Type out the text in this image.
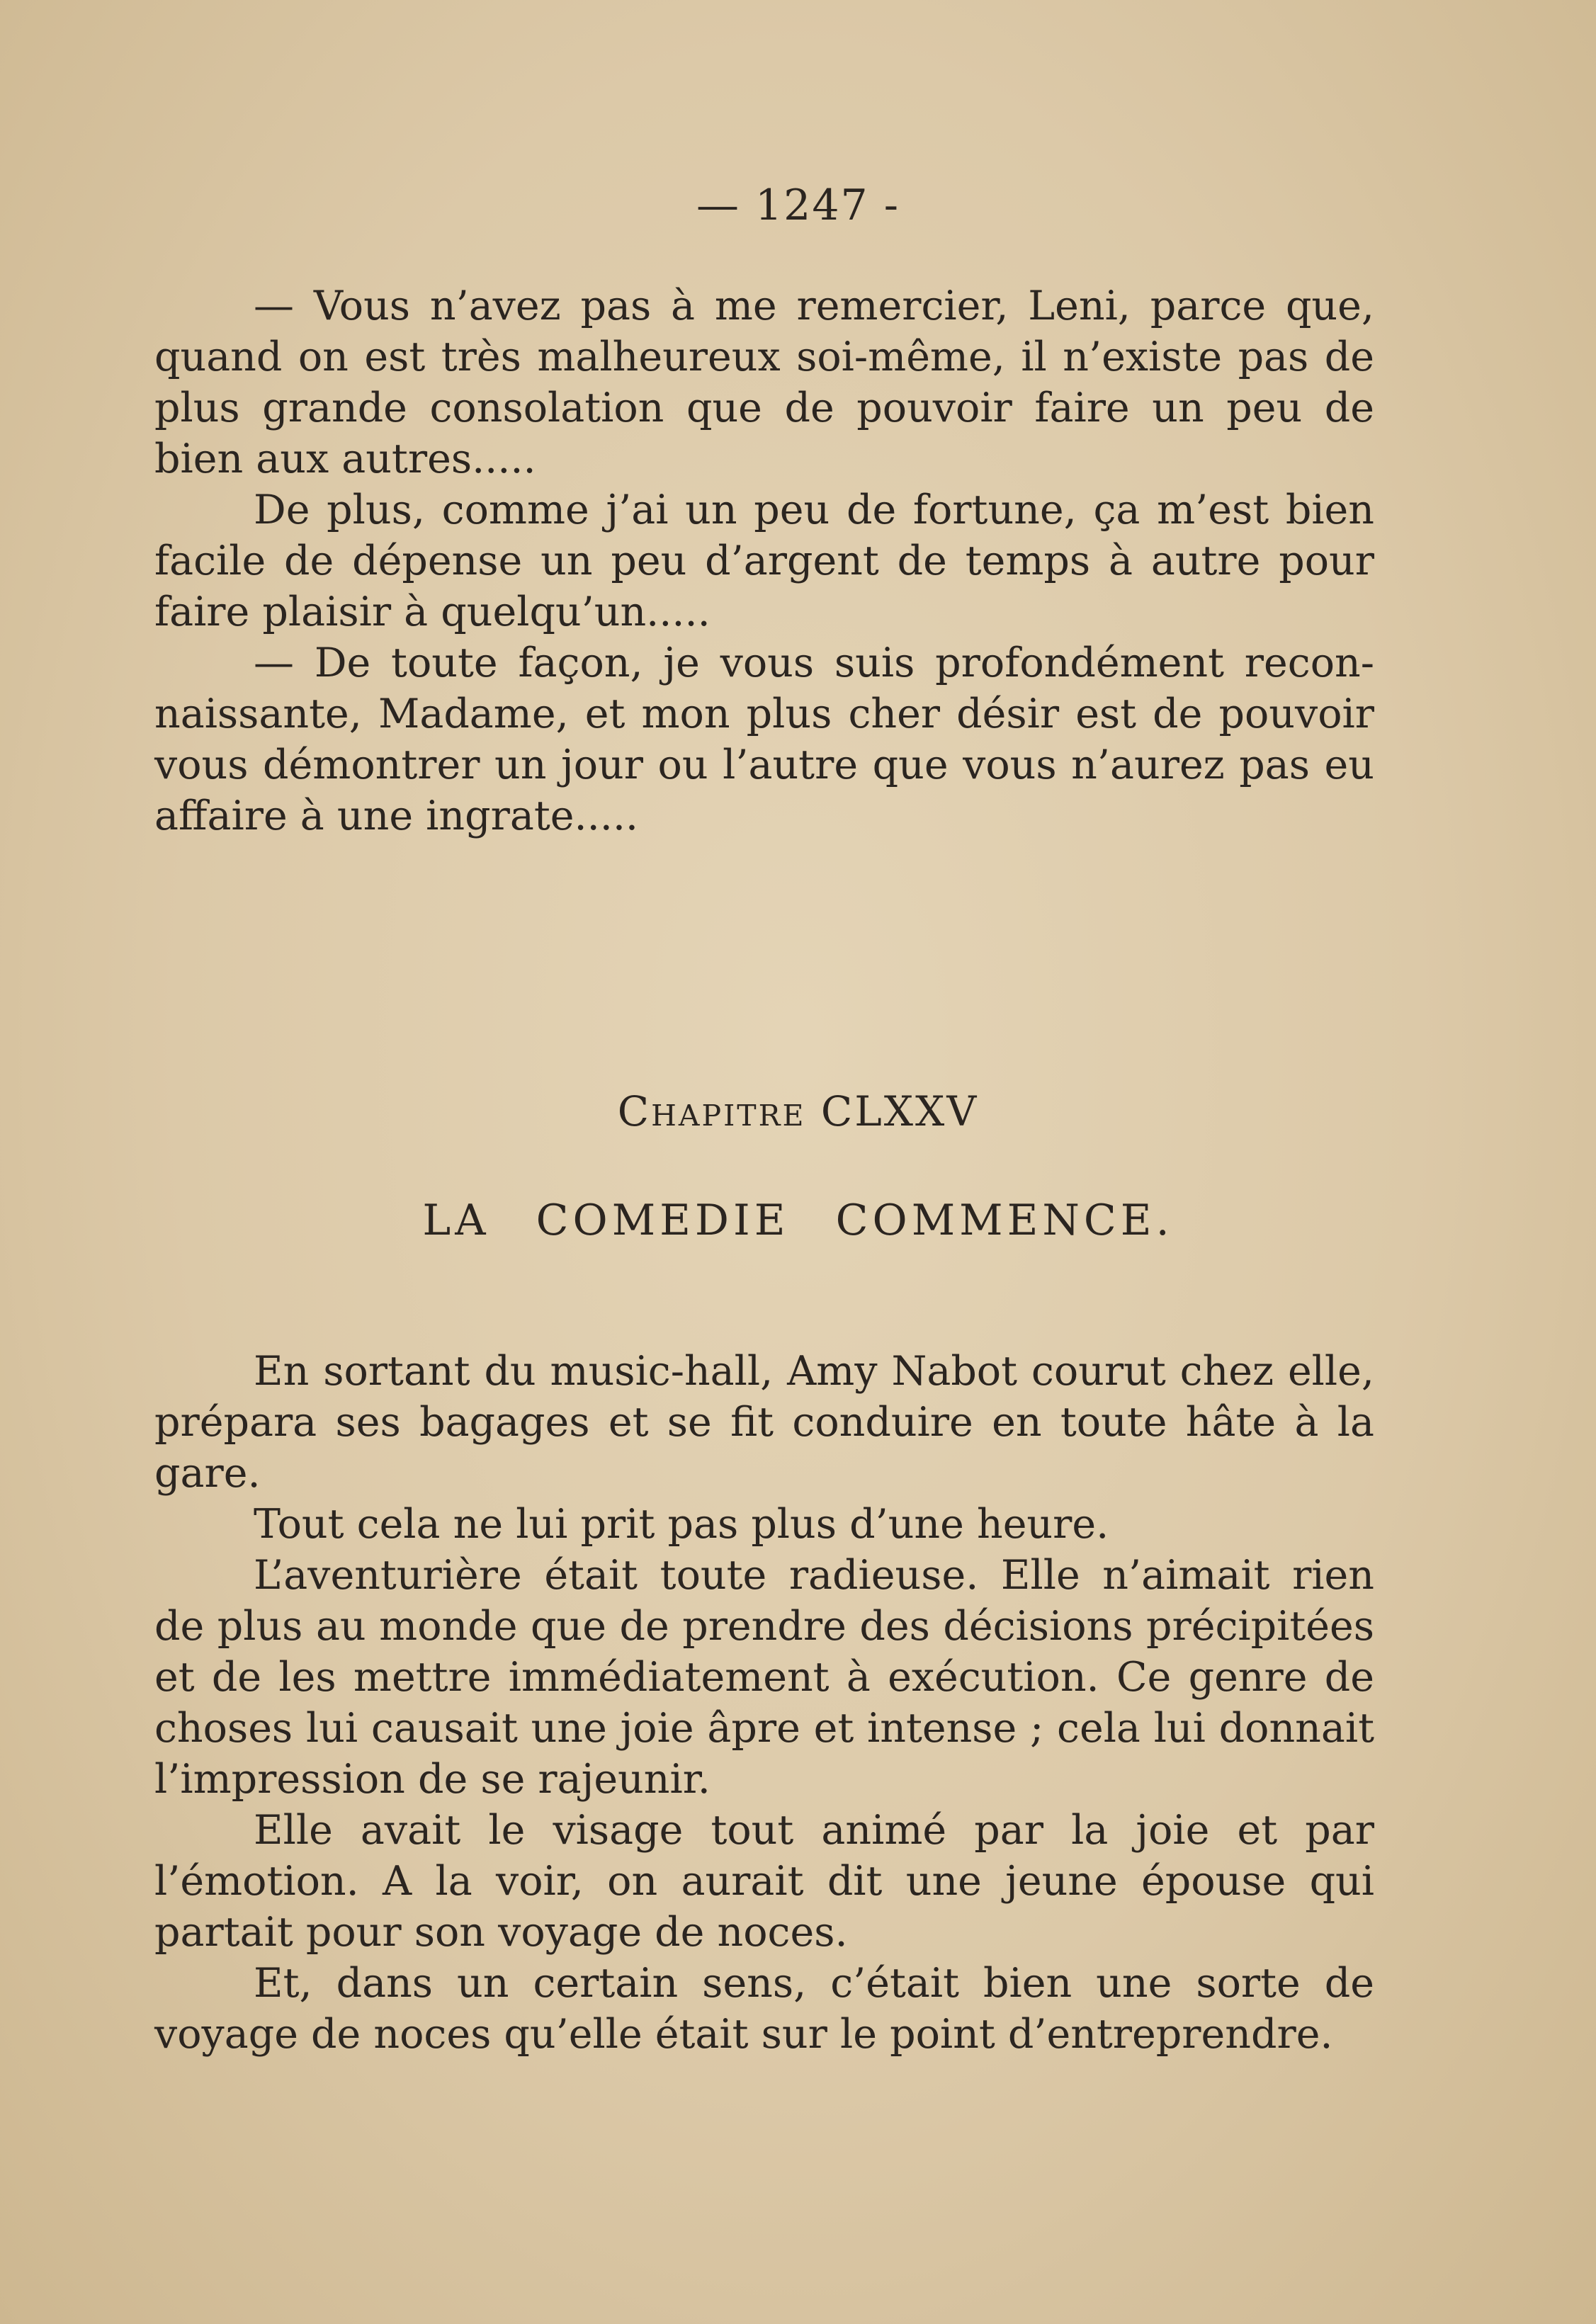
— 1247 -

— Vous n’avez pas à me remercier, Leni, parce que, quand on est très malheureux soi-même, il n’existe pas de plus grande consolation que de pouvoir faire un peu de bien aux autres.....

De plus, comme j’ai un peu de fortune, ça m’est bien facile de dépense un peu d’argent de temps à autre pour faire plaisir à quelqu’un.....

— De toute façon, je vous suis profondément reconnaissante, Madame, et mon plus cher désir est de pouvoir vous démontrer un jour ou l’autre que vous n’aurez pas eu affaire à une ingrate.....

Chapitre CLXXV
LA COMEDIE COMMENCE.

En sortant du music-hall, Amy Nabot courut chez elle, prépara ses bagages et se fit conduire en toute hâte à la gare.

Tout cela ne lui prit pas plus d’une heure.

L’aventurière était toute radieuse. Elle n’aimait rien de plus au monde que de prendre des décisions précipitées et de les mettre immédiatement à exécution. Ce genre de choses lui causait une joie âpre et intense ; cela lui donnait l’impression de se rajeunir.

Elle avait le visage tout animé par la joie et par l’émotion. A la voir, on aurait dit une jeune épouse qui partait pour son voyage de noces.

Et, dans un certain sens, c’était bien une sorte de voyage de noces qu’elle était sur le point d’entreprendre.
